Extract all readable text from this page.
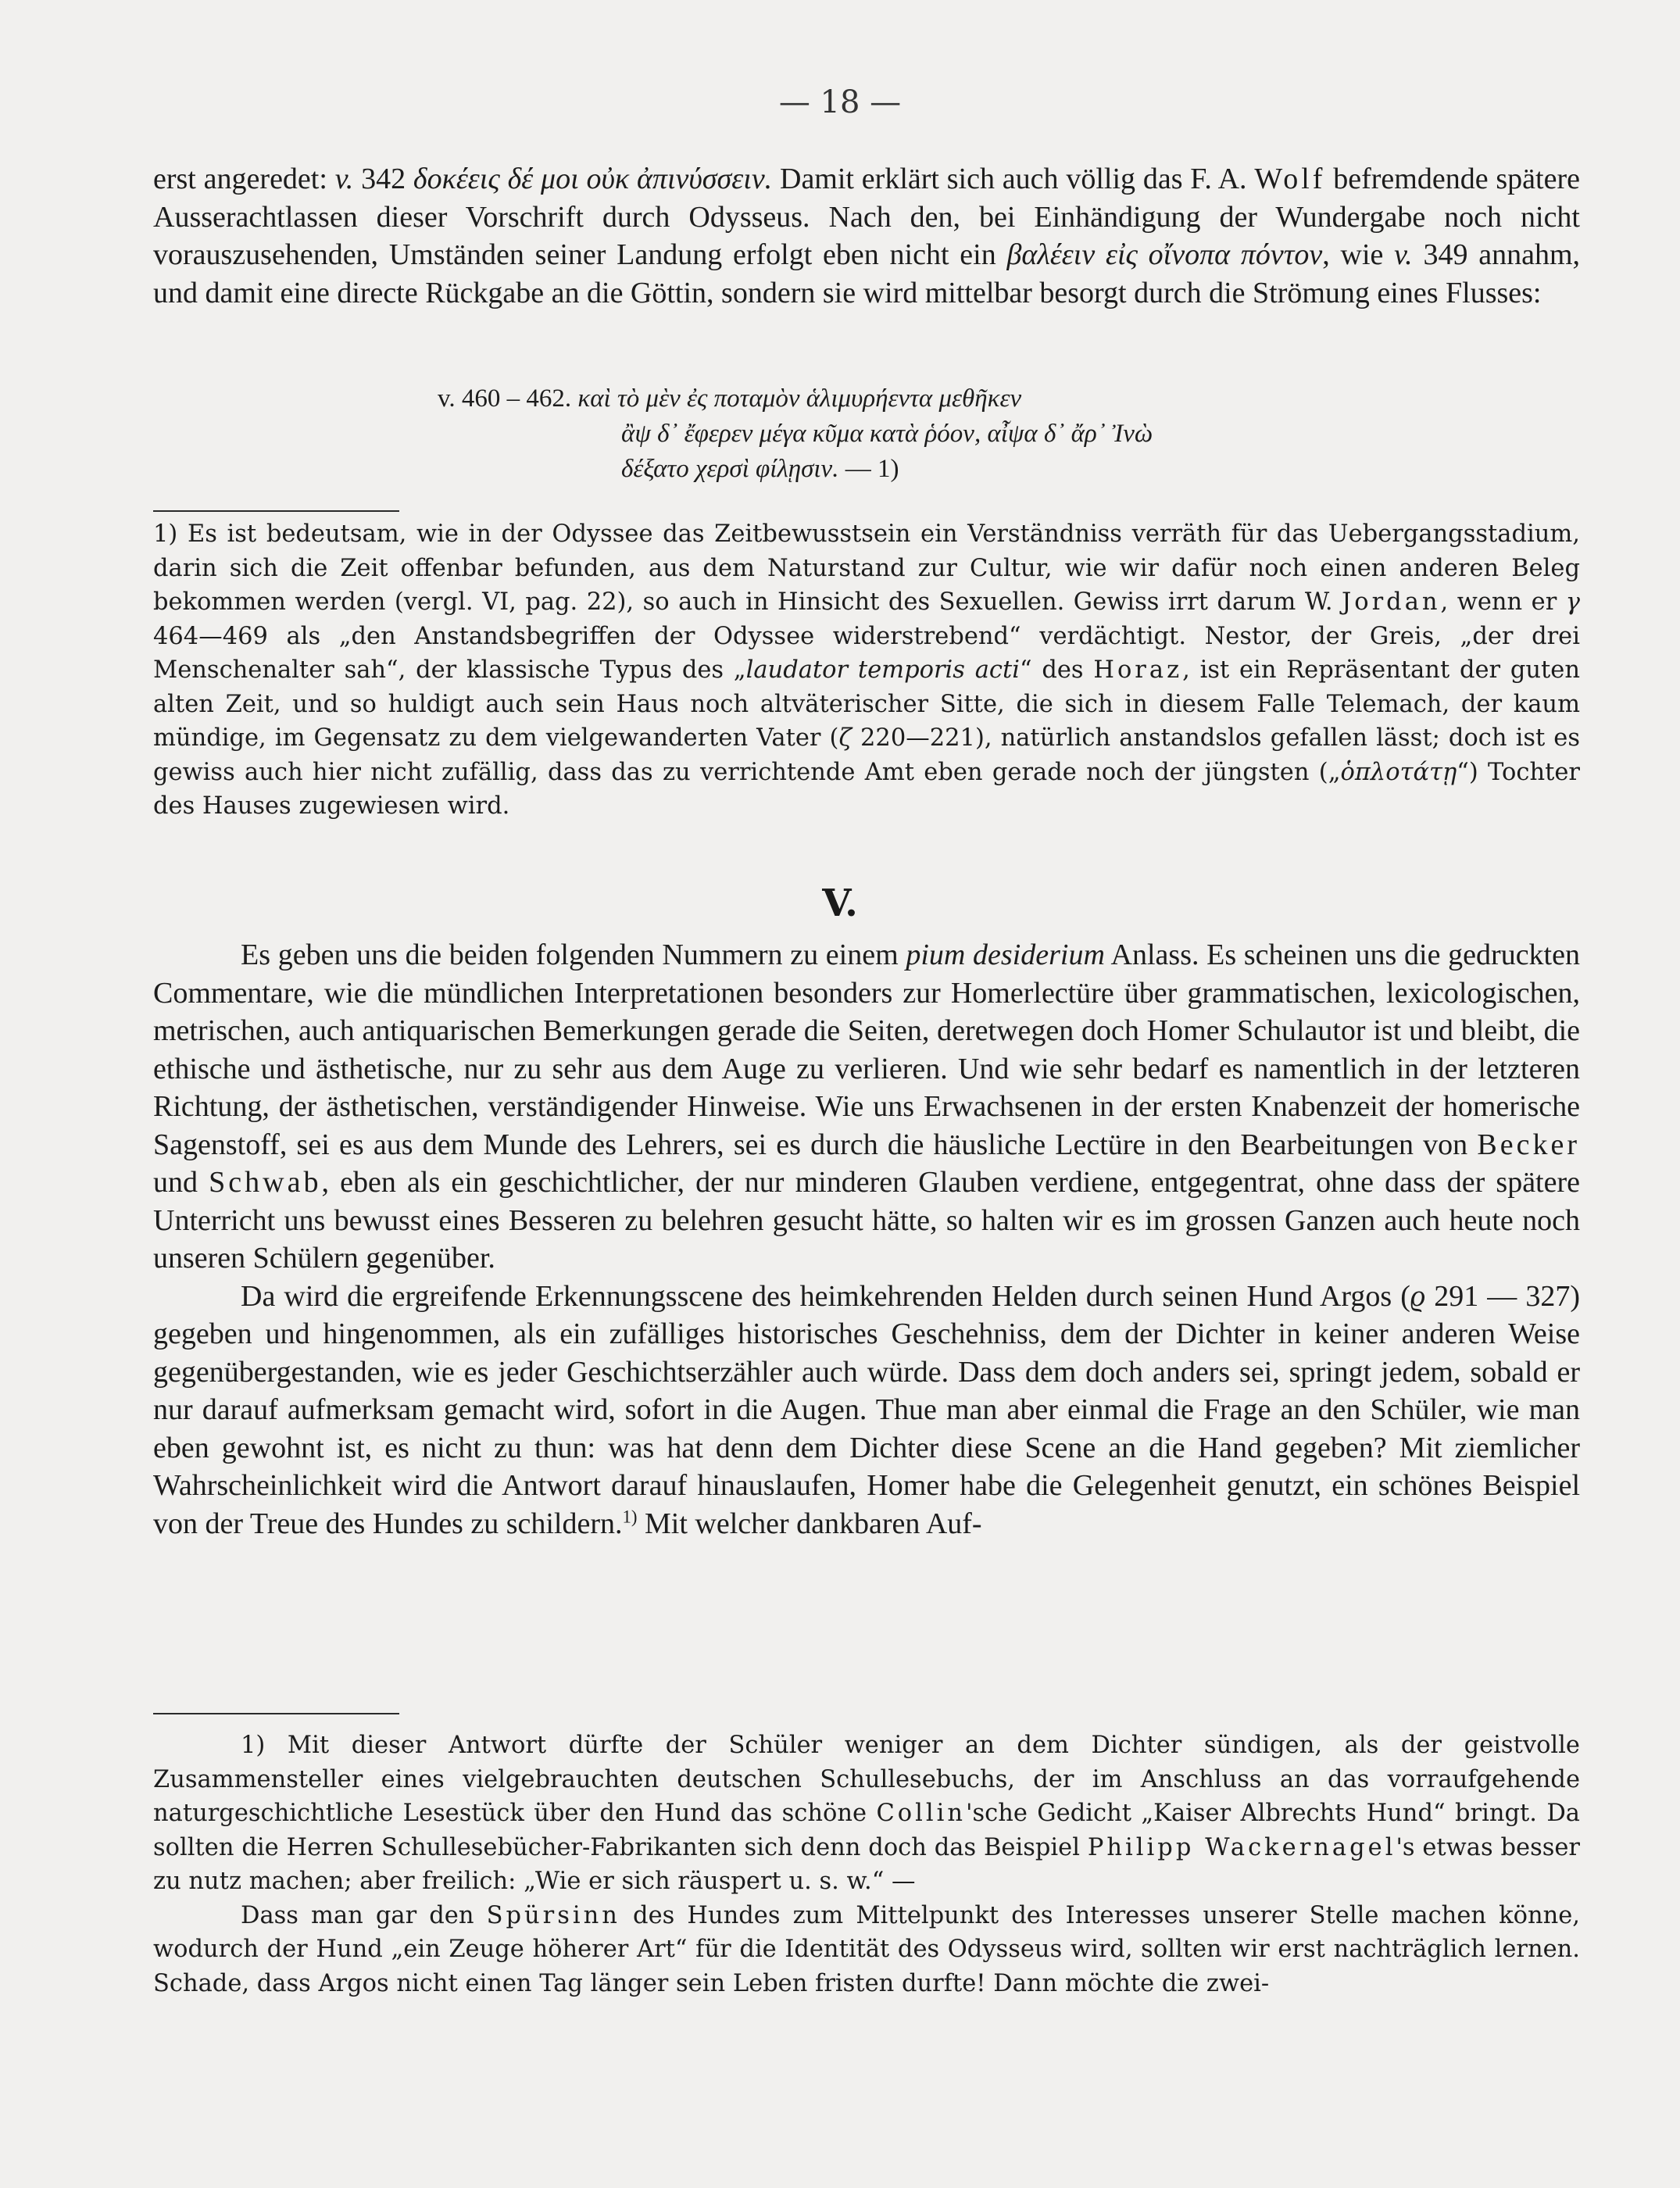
— 18 —

erst angeredet: v. 342 δοκέεις δέ μοι οὐκ ἀπινύσσειν. Damit erklärt sich auch völlig das F. A. Wolf befremdende spätere Ausserachtlassen dieser Vorschrift durch Odysseus. Nach den, bei Einhändigung der Wundergabe noch nicht vorauszusehenden, Umständen seiner Landung erfolgt eben nicht ein βαλέειν εἰς οἴνοπα πόντον, wie v. 349 annahm, und damit eine directe Rückgabe an die Göttin, sondern sie wird mittelbar besorgt durch die Strömung eines Flusses:

v. 460 – 462. καὶ τὸ μὲν ἐς ποταμὸν ἁλιμυρήεντα μεθῆκεν
ἂψ δ᾽ ἔφερεν μέγα κῦμα κατὰ ῥόον, αἶψα δ᾽ ἄρ᾽ Ἰνὼ
δέξατο χερσὶ φίλῃσιν. — 1)

1) Es ist bedeutsam, wie in der Odyssee das Zeitbewusstsein ein Verständniss verräth für das Uebergangsstadium, darin sich die Zeit offenbar befunden, aus dem Naturstand zur Cultur, wie wir dafür noch einen anderen Beleg bekommen werden (vergl. VI, pag. 22), so auch in Hinsicht des Sexuellen. Gewiss irrt darum W. Jordan, wenn er γ 464—469 als „den Anstandsbegriffen der Odyssee widerstrebend“ verdächtigt. Nestor, der Greis, „der drei Menschenalter sah“, der klassische Typus des „laudator temporis acti“ des Horaz, ist ein Repräsentant der guten alten Zeit, und so huldigt auch sein Haus noch altväterischer Sitte, die sich in diesem Falle Telemach, der kaum mündige, im Gegensatz zu dem vielgewanderten Vater (ζ 220—221), natürlich anstandslos gefallen lässt; doch ist es gewiss auch hier nicht zufällig, dass das zu verrichtende Amt eben gerade noch der jüngsten („ὁπλοτάτῃ“) Tochter des Hauses zugewiesen wird.

V.

Es geben uns die beiden folgenden Nummern zu einem pium desiderium Anlass. Es scheinen uns die gedruckten Commentare, wie die mündlichen Interpretationen besonders zur Homerlectüre über grammatischen, lexicologischen, metrischen, auch antiquarischen Bemerkungen gerade die Seiten, deretwegen doch Homer Schulautor ist und bleibt, die ethische und ästhetische, nur zu sehr aus dem Auge zu verlieren. Und wie sehr bedarf es namentlich in der letzteren Richtung, der ästhetischen, verständigender Hinweise. Wie uns Erwachsenen in der ersten Knabenzeit der homerische Sagenstoff, sei es aus dem Munde des Lehrers, sei es durch die häusliche Lectüre in den Bearbeitungen von Becker und Schwab, eben als ein geschichtlicher, der nur minderen Glauben verdiene, entgegentrat, ohne dass der spätere Unterricht uns bewusst eines Besseren zu belehren gesucht hätte, so halten wir es im grossen Ganzen auch heute noch unseren Schülern gegenüber.

Da wird die ergreifende Erkennungsscene des heimkehrenden Helden durch seinen Hund Argos (ϱ 291 — 327) gegeben und hingenommen, als ein zufälliges historisches Geschehniss, dem der Dichter in keiner anderen Weise gegenübergestanden, wie es jeder Geschichtserzähler auch würde. Dass dem doch anders sei, springt jedem, sobald er nur darauf aufmerksam gemacht wird, sofort in die Augen. Thue man aber einmal die Frage an den Schüler, wie man eben gewohnt ist, es nicht zu thun: was hat denn dem Dichter diese Scene an die Hand gegeben? Mit ziemlicher Wahrscheinlichkeit wird die Antwort darauf hinauslaufen, Homer habe die Gelegenheit genutzt, ein schönes Beispiel von der Treue des Hundes zu schildern.$^{1)}$ Mit welcher dankbaren Auf-

1) Mit dieser Antwort dürfte der Schüler weniger an dem Dichter sündigen, als der geistvolle Zusammensteller eines vielgebrauchten deutschen Schullesebuchs, der im Anschluss an das vorraufgehende naturgeschichtliche Lesestück über den Hund das schöne Collin'sche Gedicht „Kaiser Albrechts Hund“ bringt. Da sollten die Herren Schullesebücher-Fabrikanten sich denn doch das Beispiel Philipp Wackernagel's etwas besser zu nutz machen; aber freilich: „Wie er sich räuspert u. s. w.“ —

Dass man gar den Spürsinn des Hundes zum Mittelpunkt des Interesses unserer Stelle machen könne, wodurch der Hund „ein Zeuge höherer Art“ für die Identität des Odysseus wird, sollten wir erst nachträglich lernen. Schade, dass Argos nicht einen Tag länger sein Leben fristen durfte! Dann möchte die zwei-
